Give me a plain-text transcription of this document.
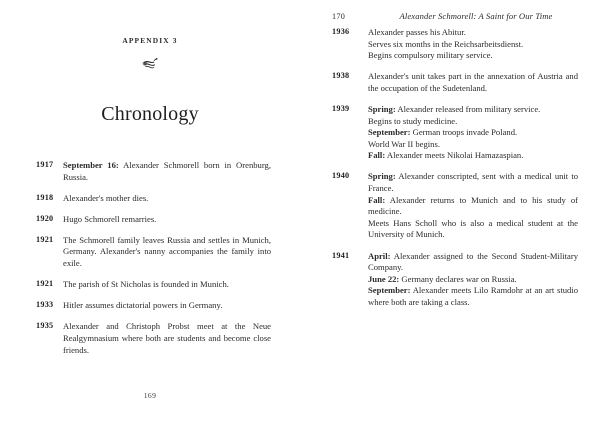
APPENDIX 3
Chronology
1917 September 16: Alexander Schmorell born in Orenburg, Russia.
1918 Alexander's mother dies.
1920 Hugo Schmorell remarries.
1921 The Schmorell family leaves Russia and settles in Munich, Germany. Alexander's nanny accompanies the family into exile.
1921 The parish of St Nicholas is founded in Munich.
1933 Hitler assumes dictatorial powers in Germany.
1935 Alexander and Christoph Probst meet at the Neue Realgymnasium where both are students and become close friends.
169
170	Alexander Schmorell: A Saint for Our Time
1936 Alexander passes his Abitur.
Serves six months in the Reichsarbeitsdienst.
Begins compulsory military service.
1938 Alexander's unit takes part in the annexation of Austria and the occupation of the Sudetenland.
1939 Spring: Alexander released from military service.
Begins to study medicine.
September: German troops invade Poland.
World War II begins.
Fall: Alexander meets Nikolai Hamazaspian.
1940 Spring: Alexander conscripted, sent with a medical unit to France.
Fall: Alexander returns to Munich and to his study of medicine.
Meets Hans Scholl who is also a medical student at the University of Munich.
1941 April: Alexander assigned to the Second Student-Military Company.
June 22: Germany declares war on Russia.
September: Alexander meets Lilo Ramdohr at an art studio where both are taking a class.
